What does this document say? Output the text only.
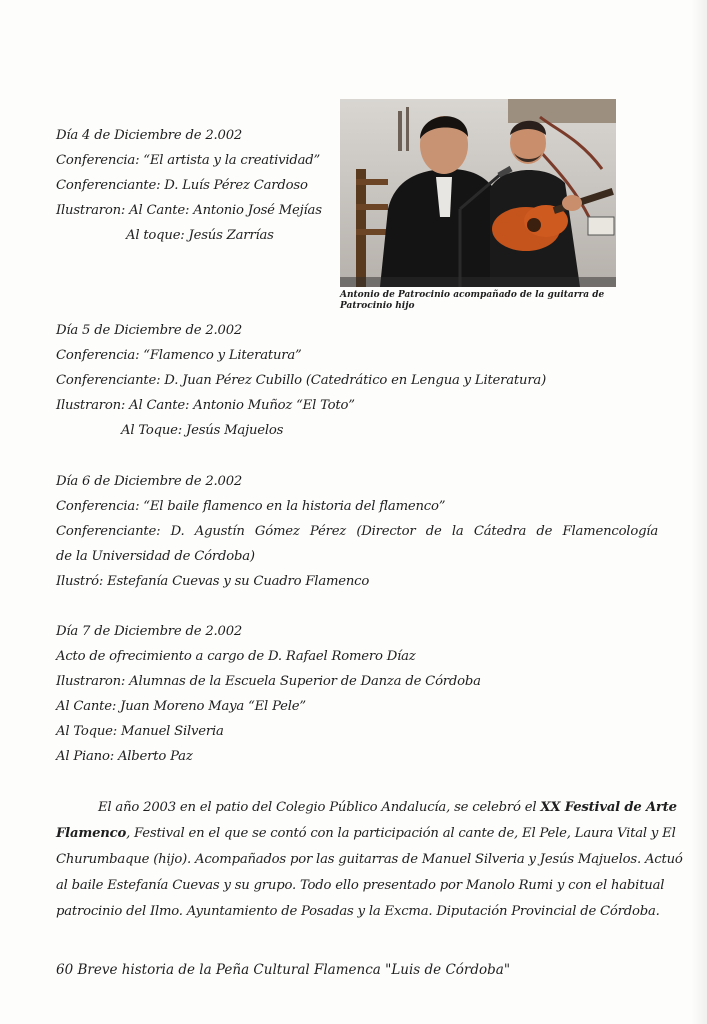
Día 4 de Diciembre de 2.002
Conferencia: “El artista y la creatividad”
Conferenciante: D. Luís Pérez Cardoso
Ilustraron: Al Cante: Antonio José Mejías
Al toque: Jesús Zarrías
Antonio de Patrocinio acompañado de la guitarra de Patrocinio hijo
Día 5 de Diciembre de 2.002
Conferencia: “Flamenco y Literatura”
Conferenciante: D. Juan Pérez Cubillo (Catedrático en Lengua y Literatura)
Ilustraron: Al Cante: Antonio Muñoz “El Toto”
Al Toque: Jesús Majuelos
Día 6 de Diciembre de 2.002
Conferencia: “El baile flamenco en la historia del flamenco”
Conferenciante: D. Agustín Gómez Pérez (Director de la Cátedra de Flamencología
de la Universidad de Córdoba)
Ilustró: Estefanía Cuevas y su Cuadro Flamenco
Día 7 de Diciembre de 2.002
Acto de ofrecimiento a cargo de D. Rafael Romero Díaz
Ilustraron: Alumnas de la Escuela Superior de Danza de Córdoba
Al Cante: Juan Moreno Maya “El Pele”
Al Toque: Manuel Silveria
Al Piano: Alberto Paz
El año 2003 en el patio del Colegio Público Andalucía, se celebró el XX Festival de Arte
Flamenco, Festival en el que se contó con la participación al cante de, El Pele, Laura Vital y El
Churumbaque (hijo). Acompañados por las guitarras de Manuel Silveria y Jesús Majuelos. Actuó
al baile Estefanía Cuevas y su grupo. Todo ello presentado por Manolo Rumi y con el habitual
patrocinio del Ilmo. Ayuntamiento de Posadas y la Excma. Diputación Provincial de Córdoba.
60 Breve historia de la Peña Cultural Flamenca "Luis de Córdoba"
